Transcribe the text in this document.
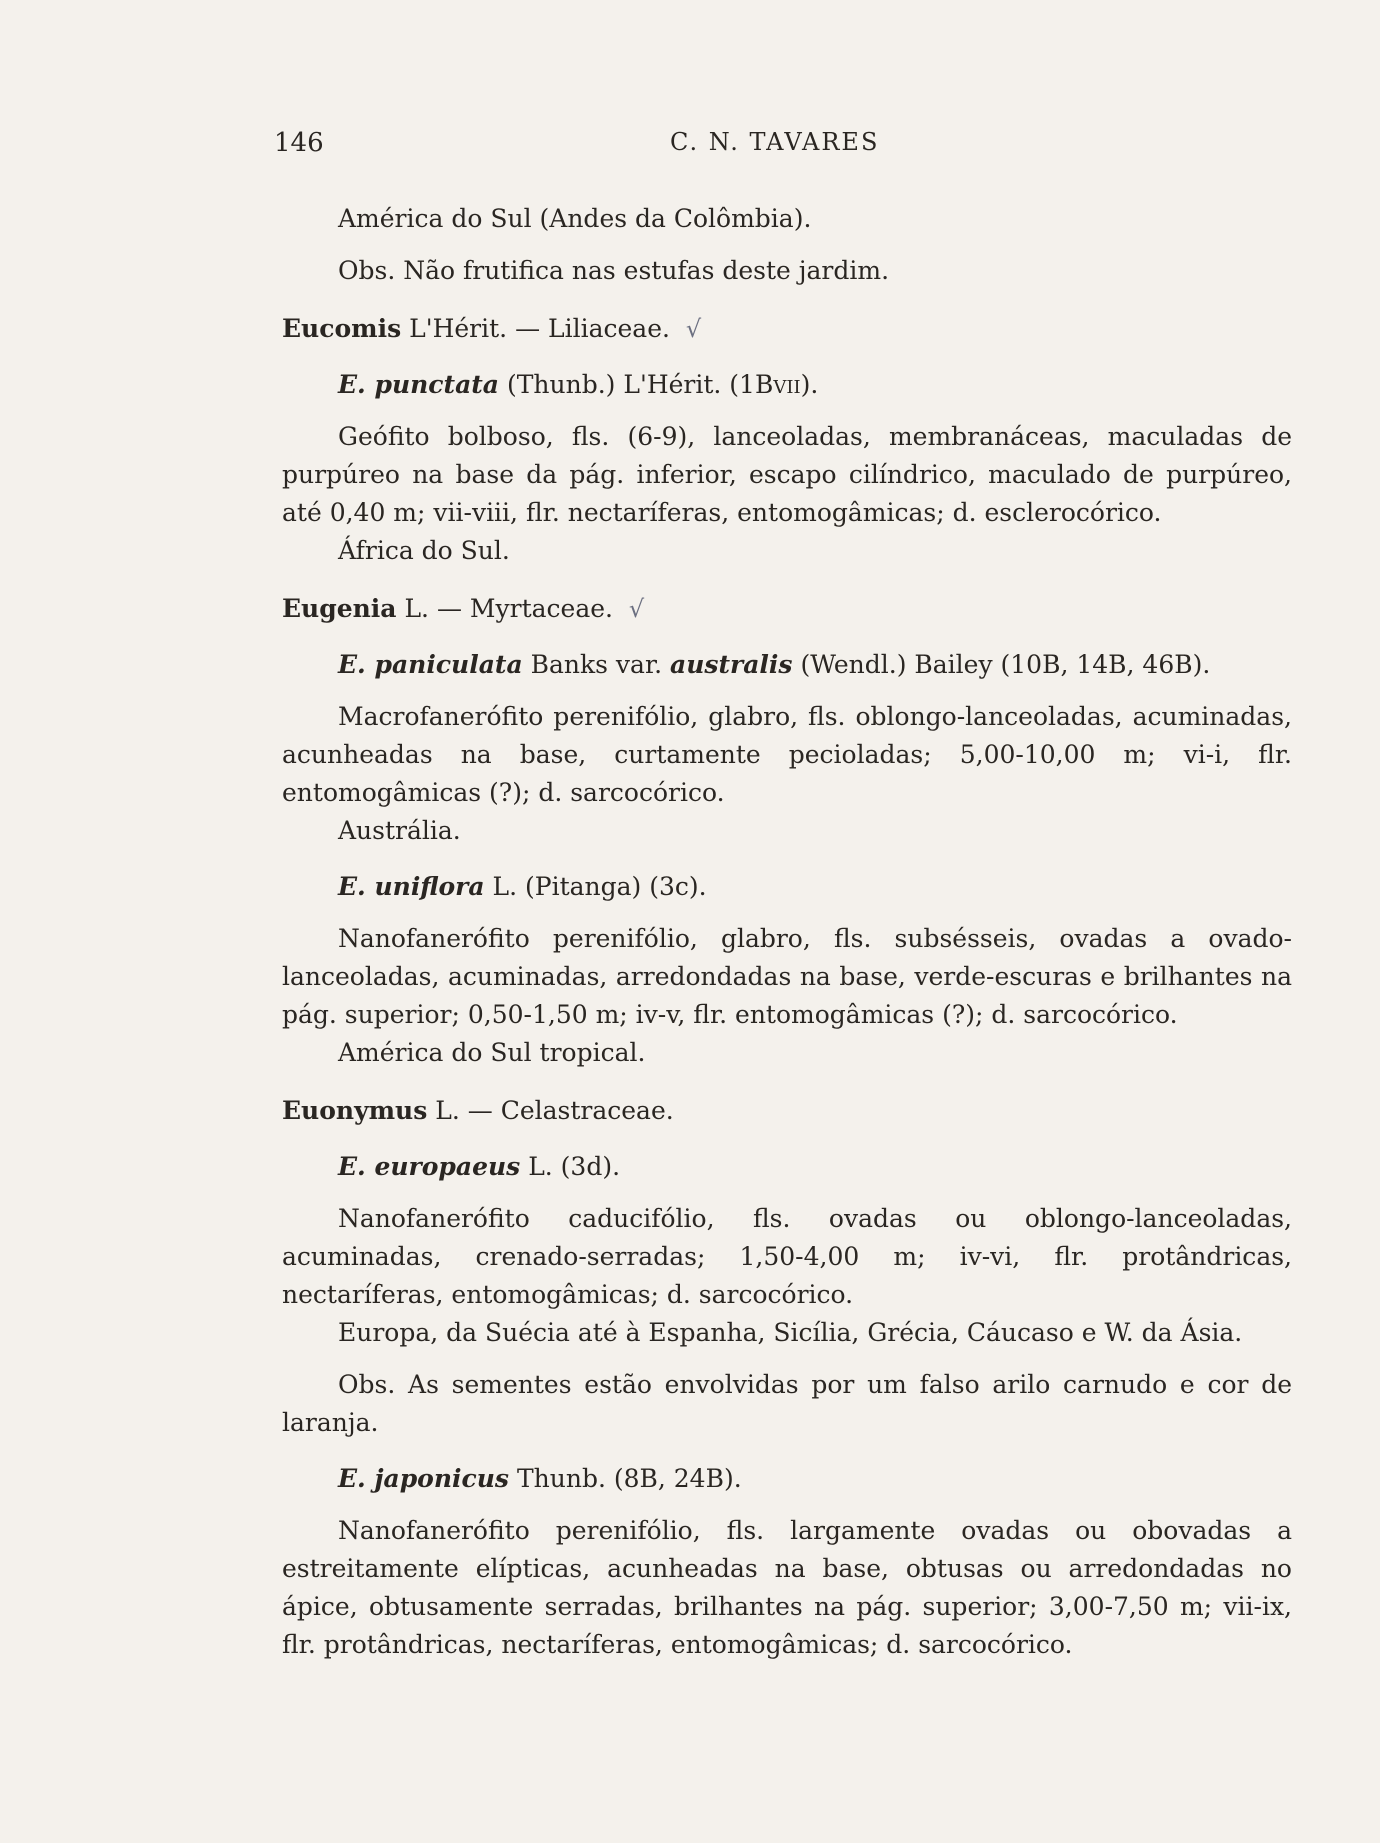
146	C. N. TAVARES

América do Sul (Andes da Colômbia).

Obs. Não frutifica nas estufas deste jardim.

Eucomis L'Hérit. — Liliaceae. √

E. punctata (Thunb.) L'Hérit. (1Bvii).

Geófito bolboso, fls. (6-9), lanceoladas, membranáceas, maculadas de purpúreo na base da pág. inferior, escapo cilíndrico, maculado de purpúreo, até 0,40 m; vii-viii, flr. nectaríferas, entomogâmicas; d. esclerocórico.

África do Sul.

Eugenia L. — Myrtaceae. √

E. paniculata Banks var. australis (Wendl.) Bailey (10B, 14B, 46B).

Macrofanerófito perenifólio, glabro, fls. oblongo-lanceoladas, acuminadas, acunheadas na base, curtamente pecioladas; 5,00-10,00 m; vi-i, flr. entomogâmicas (?); d. sarcocórico.

Austrália.

E. uniflora L. (Pitanga) (3c).

Nanofanerófito perenifólio, glabro, fls. subsésseis, ovadas a ovado-lanceoladas, acuminadas, arredondadas na base, verde-escuras e brilhantes na pág. superior; 0,50-1,50 m; iv-v, flr. entomogâmicas (?); d. sarcocórico.

América do Sul tropical.

Euonymus L. — Celastraceae.

E. europaeus L. (3d).

Nanofanerófito caducifólio, fls. ovadas ou oblongo-lanceoladas, acuminadas, crenado-serradas; 1,50-4,00 m; iv-vi, flr. protândricas, nectaríferas, entomogâmicas; d. sarcocórico.

Europa, da Suécia até à Espanha, Sicília, Grécia, Cáucaso e W. da Ásia.

Obs. As sementes estão envolvidas por um falso arilo carnudo e cor de laranja.

E. japonicus Thunb. (8B, 24B).

Nanofanerófito perenifólio, fls. largamente ovadas ou obovadas a estreitamente elípticas, acunheadas na base, obtusas ou arredondadas no ápice, obtusamente serradas, brilhantes na pág. superior; 3,00-7,50 m; vii-ix, flr. protândricas, nectaríferas, entomogâmicas; d. sarcocórico.
